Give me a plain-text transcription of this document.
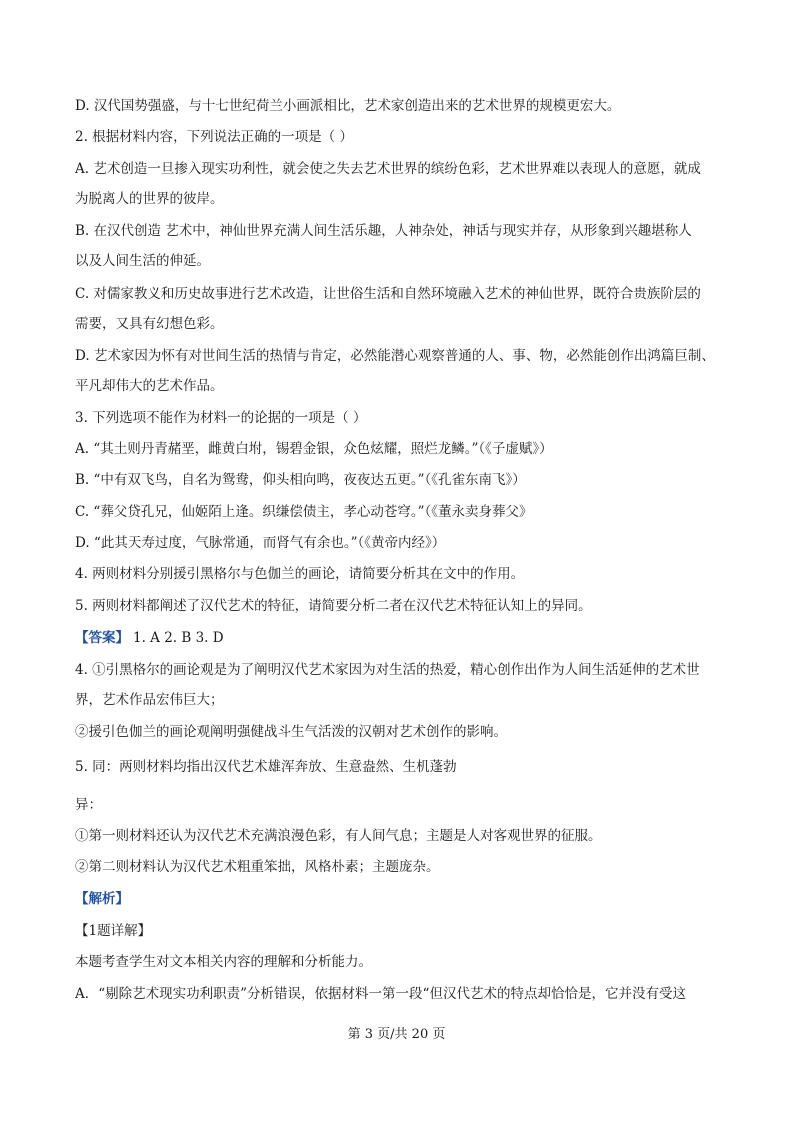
D. 汉代国势强盛，与十七世纪荷兰小画派相比，艺术家创造出来的艺术世界的规模更宏大。
2. 根据材料内容，下列说法正确的一项是（ ）
A. 艺术创造一旦掺入现实功利性，就会使之失去艺术世界的缤纷色彩，艺术世界难以表现人的意愿，就成
为脱离人的世界的彼岸。
B. 在汉代创造 艺术中，神仙世界充满人间生活乐趣，人神杂处，神话与现实并存，从形象到兴趣堪称人
以及人间生活的伸延。
C. 对儒家教义和历史故事进行艺术改造，让世俗生活和自然环境融入艺术的神仙世界，既符合贵族阶层的
需要，又具有幻想色彩。
D. 艺术家因为怀有对世间生活的热情与肯定，必然能潜心观察普通的人、事、物，必然能创作出鸿篇巨制、
平凡却伟大的艺术作品。
3. 下列选项不能作为材料一的论据的一项是（ ）
A. “其土则丹青赭垩，雌黄白坿，锡碧金银，众色炫耀，照烂龙鳞。”（《子虚赋》）
B. “中有双飞鸟，自名为鸳鸯，仰头相向鸣，夜夜达五更。”（《孔雀东南飞》）
C. “葬父贷孔兄，仙姬陌上逢。织缣偿债主，孝心动苍穹。”（《董永卖身葬父》
D. “此其天寿过度，气脉常通，而肾气有余也。”（《黄帝内经》）
4. 两则材料分别援引黑格尔与色伽兰的画论，请简要分析其在文中的作用。
5. 两则材料都阐述了汉代艺术的特征，请简要分析二者在汉代艺术特征认知上的异同。
【答案】 1. A 2. B 3. D
4. ①引黑格尔的画论观是为了阐明汉代艺术家因为对生活的热爱，精心创作出作为人间生活延伸的艺术世
界，艺术作品宏伟巨大；
②援引色伽兰的画论观阐明强健战斗生气活泼的汉朝对艺术创作的影响。
5. 同：两则材料均指出汉代艺术雄浑奔放、生意盎然、生机蓬勃
异：
①第一则材料还认为汉代艺术充满浪漫色彩，有人间气息；主题是人对客观世界的征服。
②第二则材料认为汉代艺术粗重笨拙，风格朴素；主题庞杂。
【解析】
【1题详解】
本题考查学生对文本相关内容的理解和分析能力。
A．“剔除艺术现实功利职责”分析错误，依据材料一第一段“但汉代艺术的特点却恰恰是，它并没有受这
第 3 页/共 20 页
